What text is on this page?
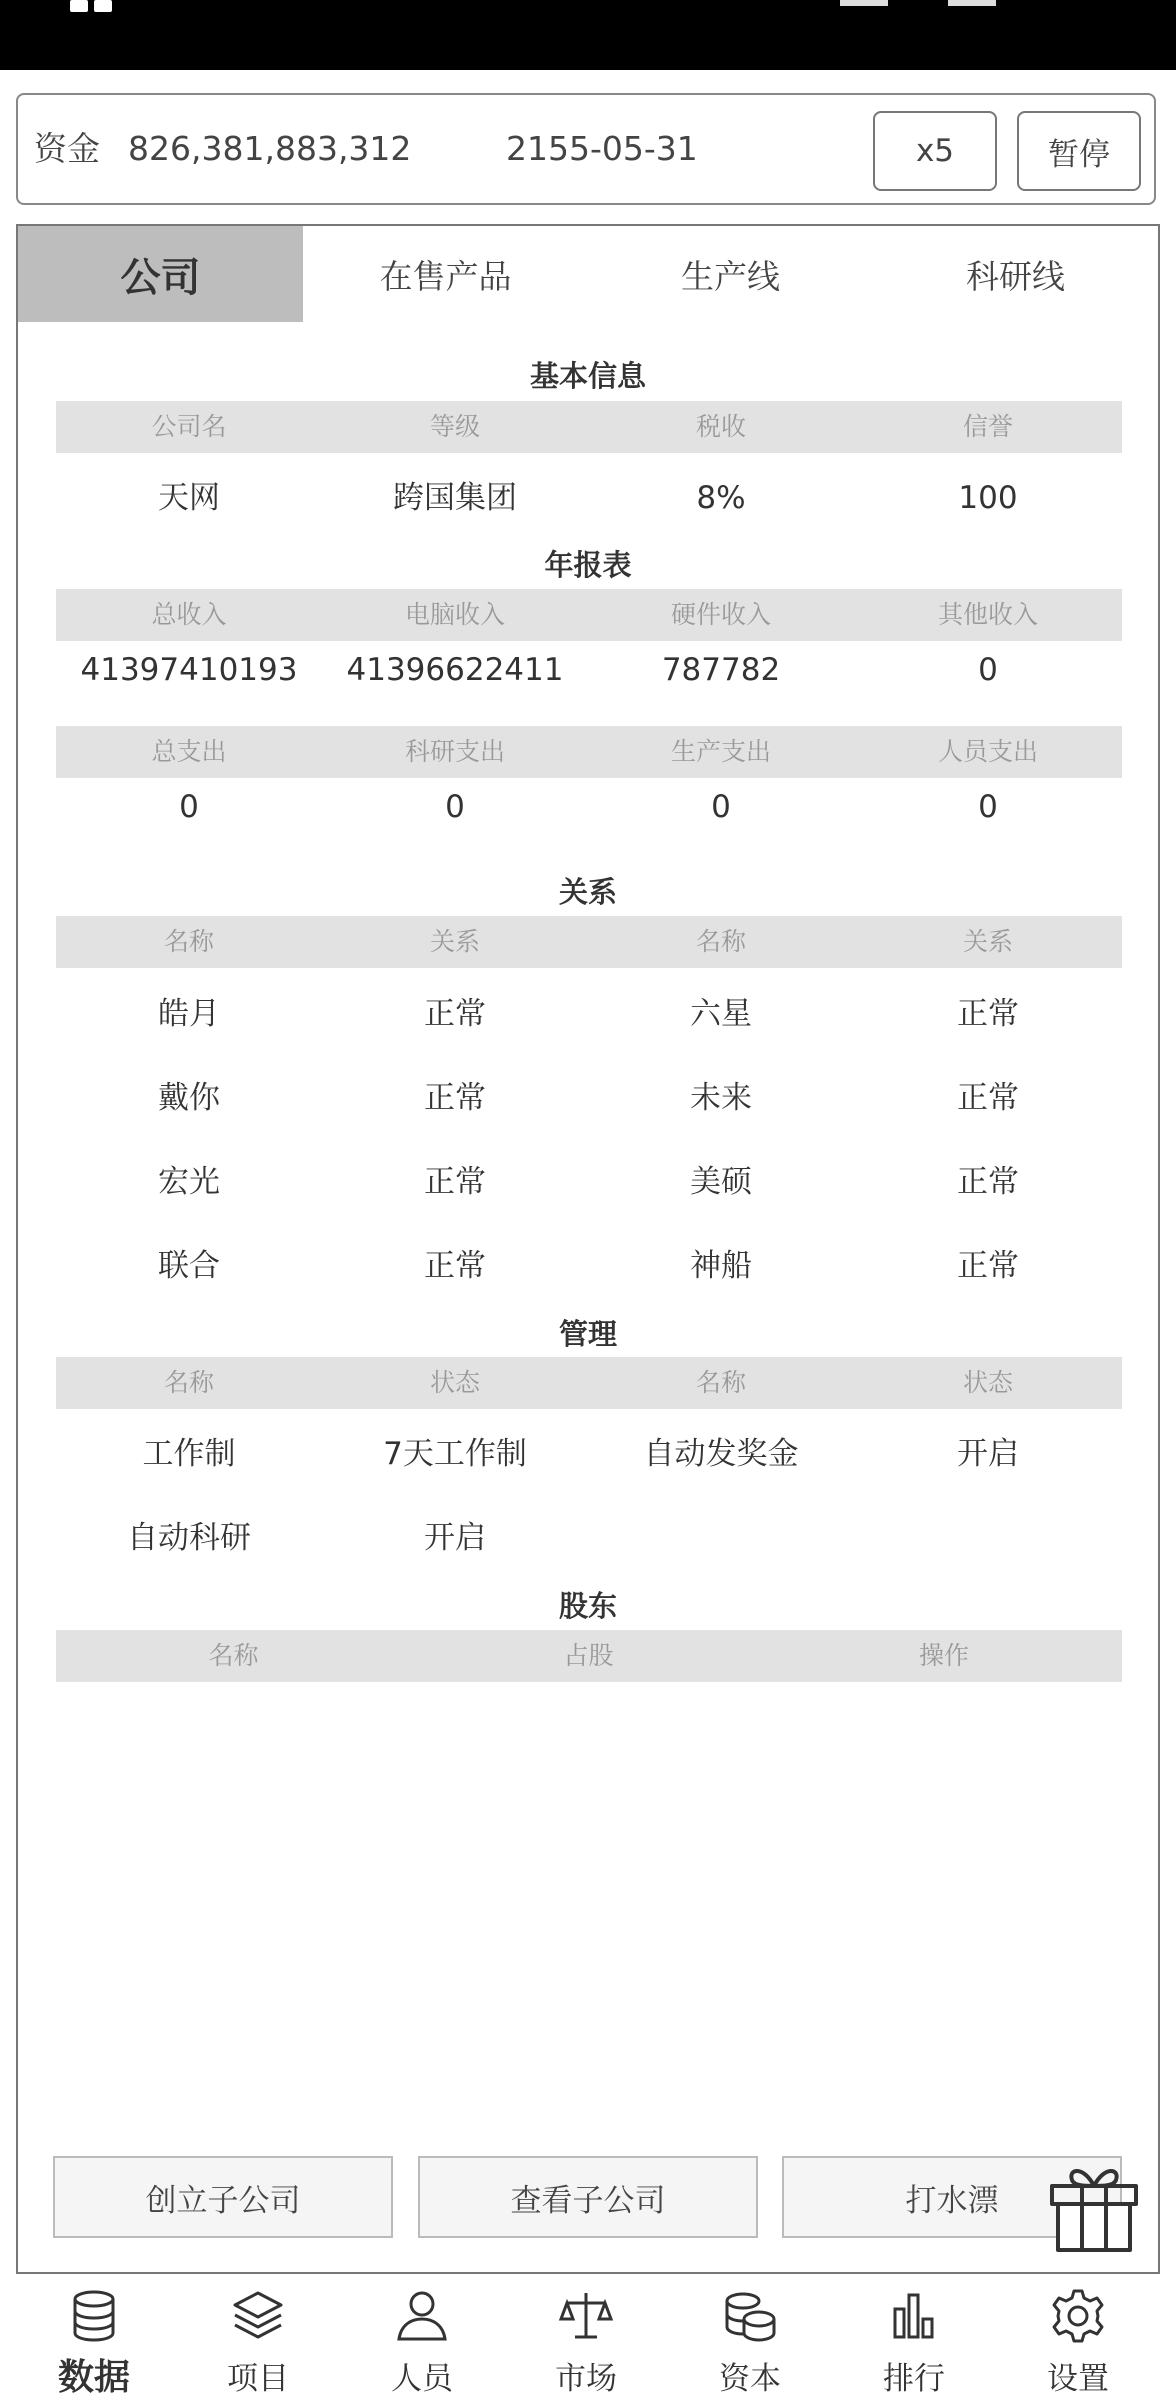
资金 826,381,883,312	2155-05-31	x5	暂停
公司	在售产品	生产线	科研线
基本信息
公司名	等级	税收	信誉
天网	跨国集团	8%	100
年报表
总收入	电脑收入	硬件收入	其他收入
41397410193	41396622411	787782	0
总支出	科研支出	生产支出	人员支出
0	0	0	0
关系
名称	关系	名称	关系
皓月	正常	六星	正常
戴你	正常	未来	正常
宏光	正常	美硕	正常
联合	正常	神船	正常
管理
名称	状态	名称	状态
工作制	7天工作制	自动发奖金	开启
自动科研	开启
股东
名称	占股	操作
创立子公司	查看子公司	打水漂
数据	项目	人员	市场	资本	排行	设置
